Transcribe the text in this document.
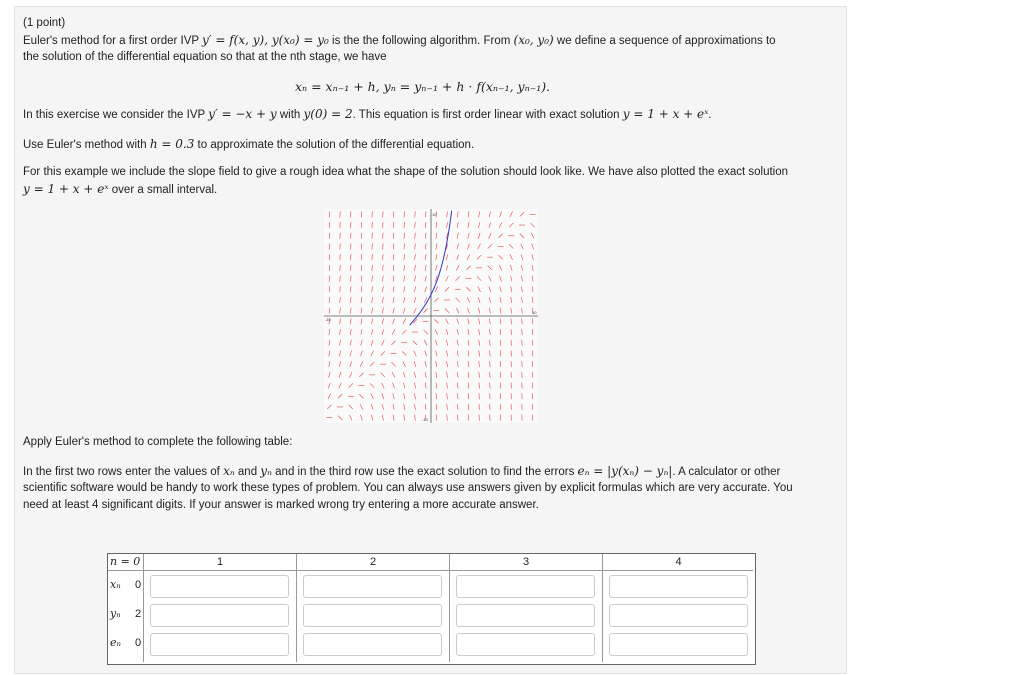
(1 point)
Euler's method for a first order IVP y′ = f(x, y), y(x₀) = y₀ is the the following algorithm. From (x₀, y₀) we define a sequence of approximations to
the solution of the differential equation so that at the nth stage, we have
xₙ = xₙ₋₁ + h, yₙ = yₙ₋₁ + h · f(xₙ₋₁, yₙ₋₁).
In this exercise we consider the IVP y′ = −x + y with y(0) = 2. This equation is first order linear with exact solution y = 1 + x + eˣ.
Use Euler's method with h = 0.3 to approximate the solution of the differential equation.
For this example we include the slope field to give a rough idea what the shape of the solution should look like. We have also plotted the exact solution
y = 1 + x + eˣ over a small interval.
10
-10
-10
10
Apply Euler's method to complete the following table:
In the first two rows enter the values of xₙ and yₙ and in the third row use the exact solution to find the errors eₙ = |y(xₙ) − yₙ|. A calculator or other
scientific software would be handy to work these types of problem. You can always use answers given by explicit formulas which are very accurate. You
need at least 4 significant digits. If your answer is marked wrong try entering a more accurate answer.
n = 0	1	2	3	4
xₙ 0
yₙ 2
eₙ 0
